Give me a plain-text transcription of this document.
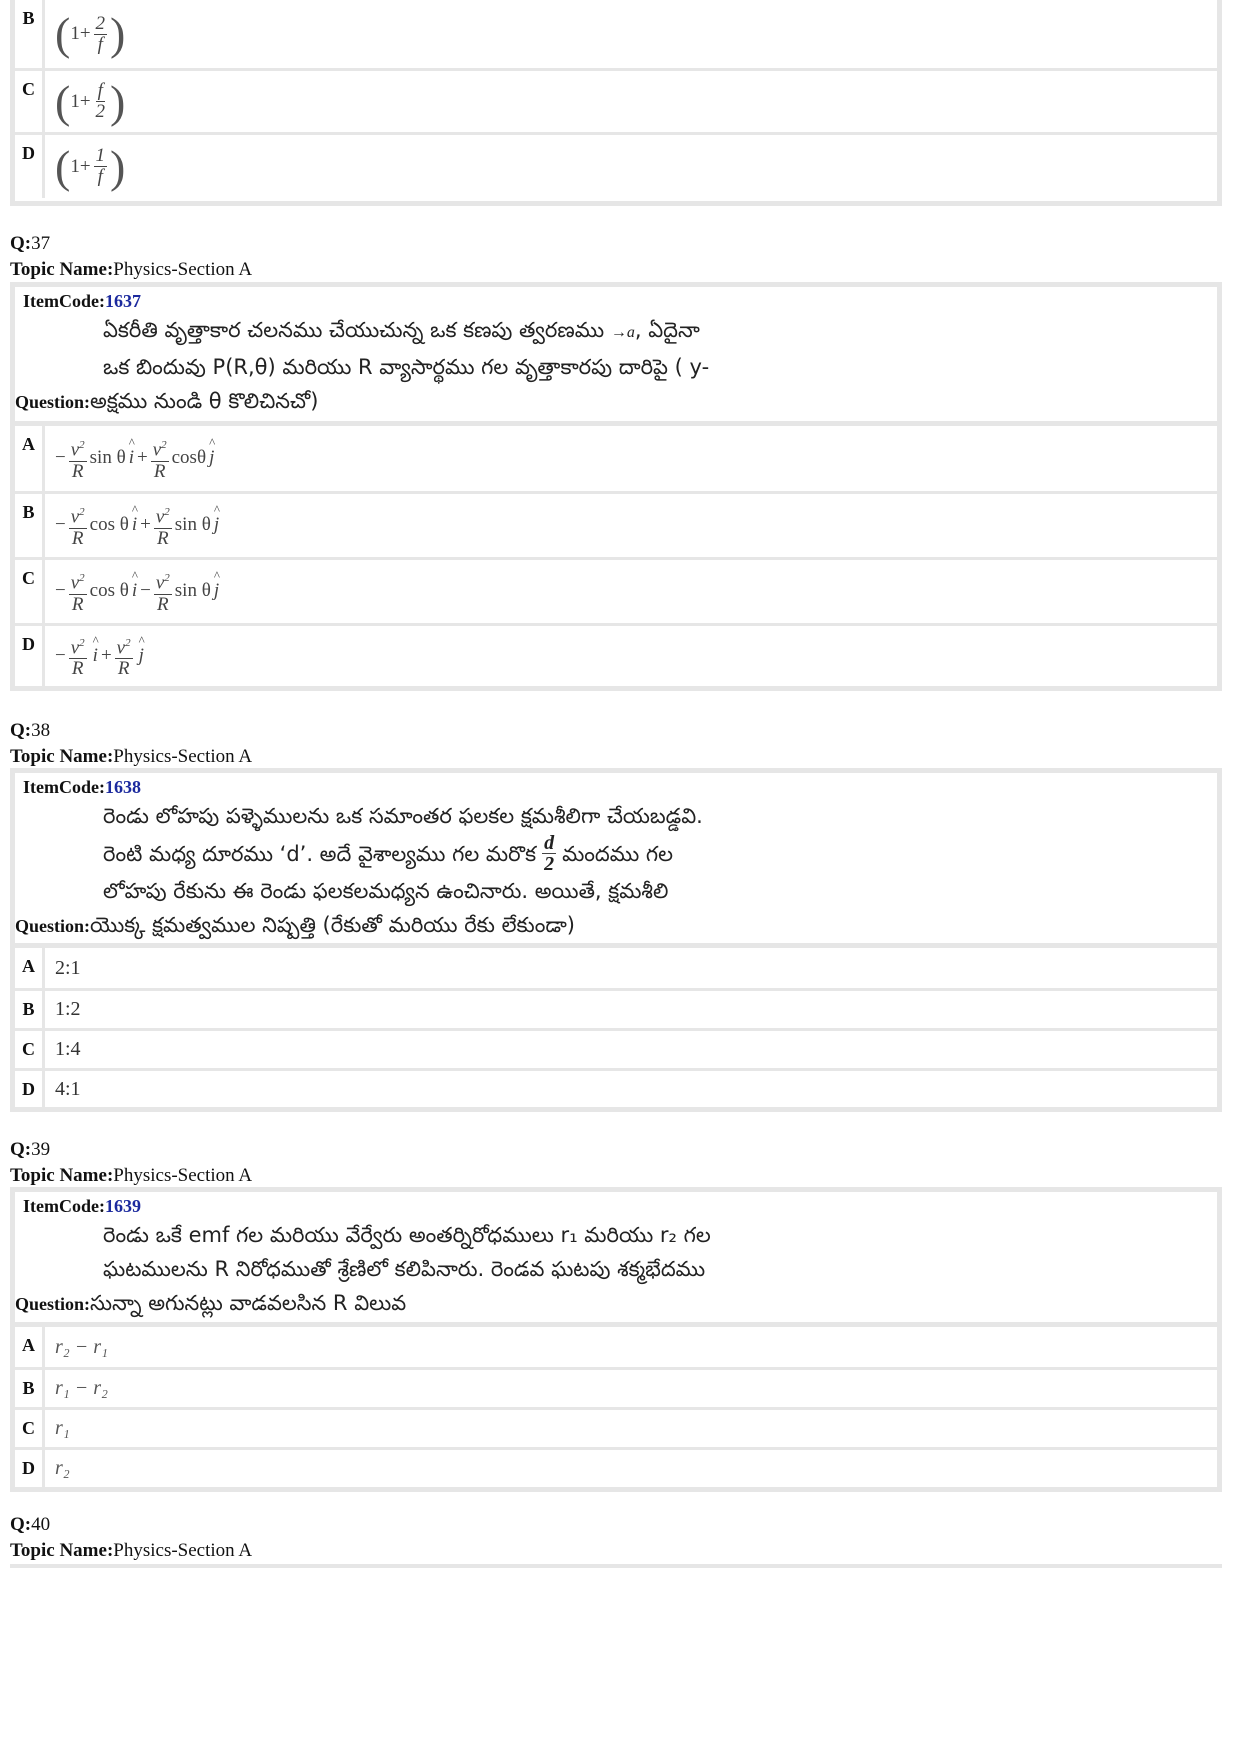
B ( $1+ \frac{2}{f}$ )
C ( $1+ \frac{f}{2}$ )
D ( $1+ \frac{1}{f}$ )
Q:37
Topic Name:Physics-Section A
ItemCode:1637
ఏకరీతి వృత్తాకార చలనము చేయుచున్న ఒక కణపు త్వరణము →a, ఏదైనా
ఒక బిందువు P(R,θ) మరియు R వ్యాసార్థము గల వృత్తాకారపు దారిపై ( y-
Question:అక్షము నుండి θ కొలిచినచో)
A
− $\frac{v^2}{R}$ sin θ ^ $i + \frac{v^2}{R}$ cosθ ^ j
B
− $\frac{v^2}{R}$ cos θ ^ $i + \frac{v^2}{R}$ sin θ ^ j
C
− $\frac{v^2}{R}$ cos θ ^ $i - \frac{v^2}{R}$ sin θ ^ j
D
− $\frac{v^2}{R}$ ^ $i + \frac{v^2}{R}$ ^ j
Q:38
Topic Name:Physics-Section A
ItemCode:1638
రెండు లోహపు పళ్ళెములను ఒక సమాంతర ఫలకల క్షమశీలిగా చేయబడ్డవి.
రెంటి మధ్య దూరము ‘d’. అదే వైశాల్యము గల మరొక $\frac{d}{2}$ మందము గల
లోహపు రేకును ఈ రెండు ఫలకలమధ్యన ఉంచినారు. అయితే, క్షమశీలి
Question:యొక్క క్షమత్వముల నిష్పత్తి (రేకుతో మరియు రేకు లేకుండా)
A	2:1
B	1:2
C	1:4
D	4:1
Q:39
Topic Name:Physics-Section A
ItemCode:1639
రెండు ఒకే emf గల మరియు వేర్వేరు అంతర్నిరోధములు r₁ మరియు r₂ గల
ఘటములను R నిరోధముతో శ్రేణిలో కలిపినారు. రెండవ ఘటపు శక్మభేదము
Question:సున్నా అగునట్లు వాడవలసిన R విలువ
A	r₂ − r₁
B	r₁ − r₂
C	r₁
D	r₂
Q:40
Topic Name:Physics-Section A
